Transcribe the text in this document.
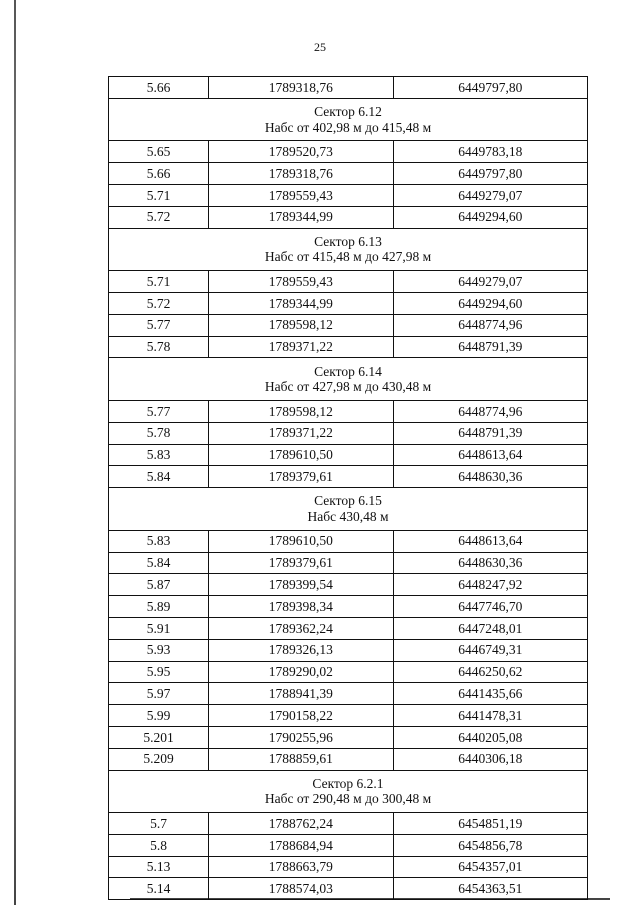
25
5.66	1789318,76	6449797,80

Сектор 6.12
Набс от 402,98 м до 415,48 м		

5.65	1789520,73	6449783,18
5.66	1789318,76	6449797,80
5.71	1789559,43	6449279,07
5.72	1789344,99	6449294,60

Сектор 6.13
Набс от 415,48 м до 427,98 м		

5.71	1789559,43	6449279,07
5.72	1789344,99	6449294,60
5.77	1789598,12	6448774,96
5.78	1789371,22	6448791,39

Сектор 6.14
Набс от 427,98 м до 430,48 м		

5.77	1789598,12	6448774,96
5.78	1789371,22	6448791,39
5.83	1789610,50	6448613,64
5.84	1789379,61	6448630,36

Сектор 6.15
Набс 430,48 м		

5.83	1789610,50	6448613,64
5.84	1789379,61	6448630,36
5.87	1789399,54	6448247,92
5.89	1789398,34	6447746,70
5.91	1789362,24	6447248,01
5.93	1789326,13	6446749,31
5.95	1789290,02	6446250,62
5.97	1788941,39	6441435,66
5.99	1790158,22	6441478,31
5.201	1790255,96	6440205,08
5.209	1788859,61	6440306,18

Сектор 6.2.1
Набс от 290,48 м до 300,48 м		

5.7	1788762,24	6454851,19
5.8	1788684,94	6454856,78
5.13	1788663,79	6454357,01
5.14	1788574,03	6454363,51
